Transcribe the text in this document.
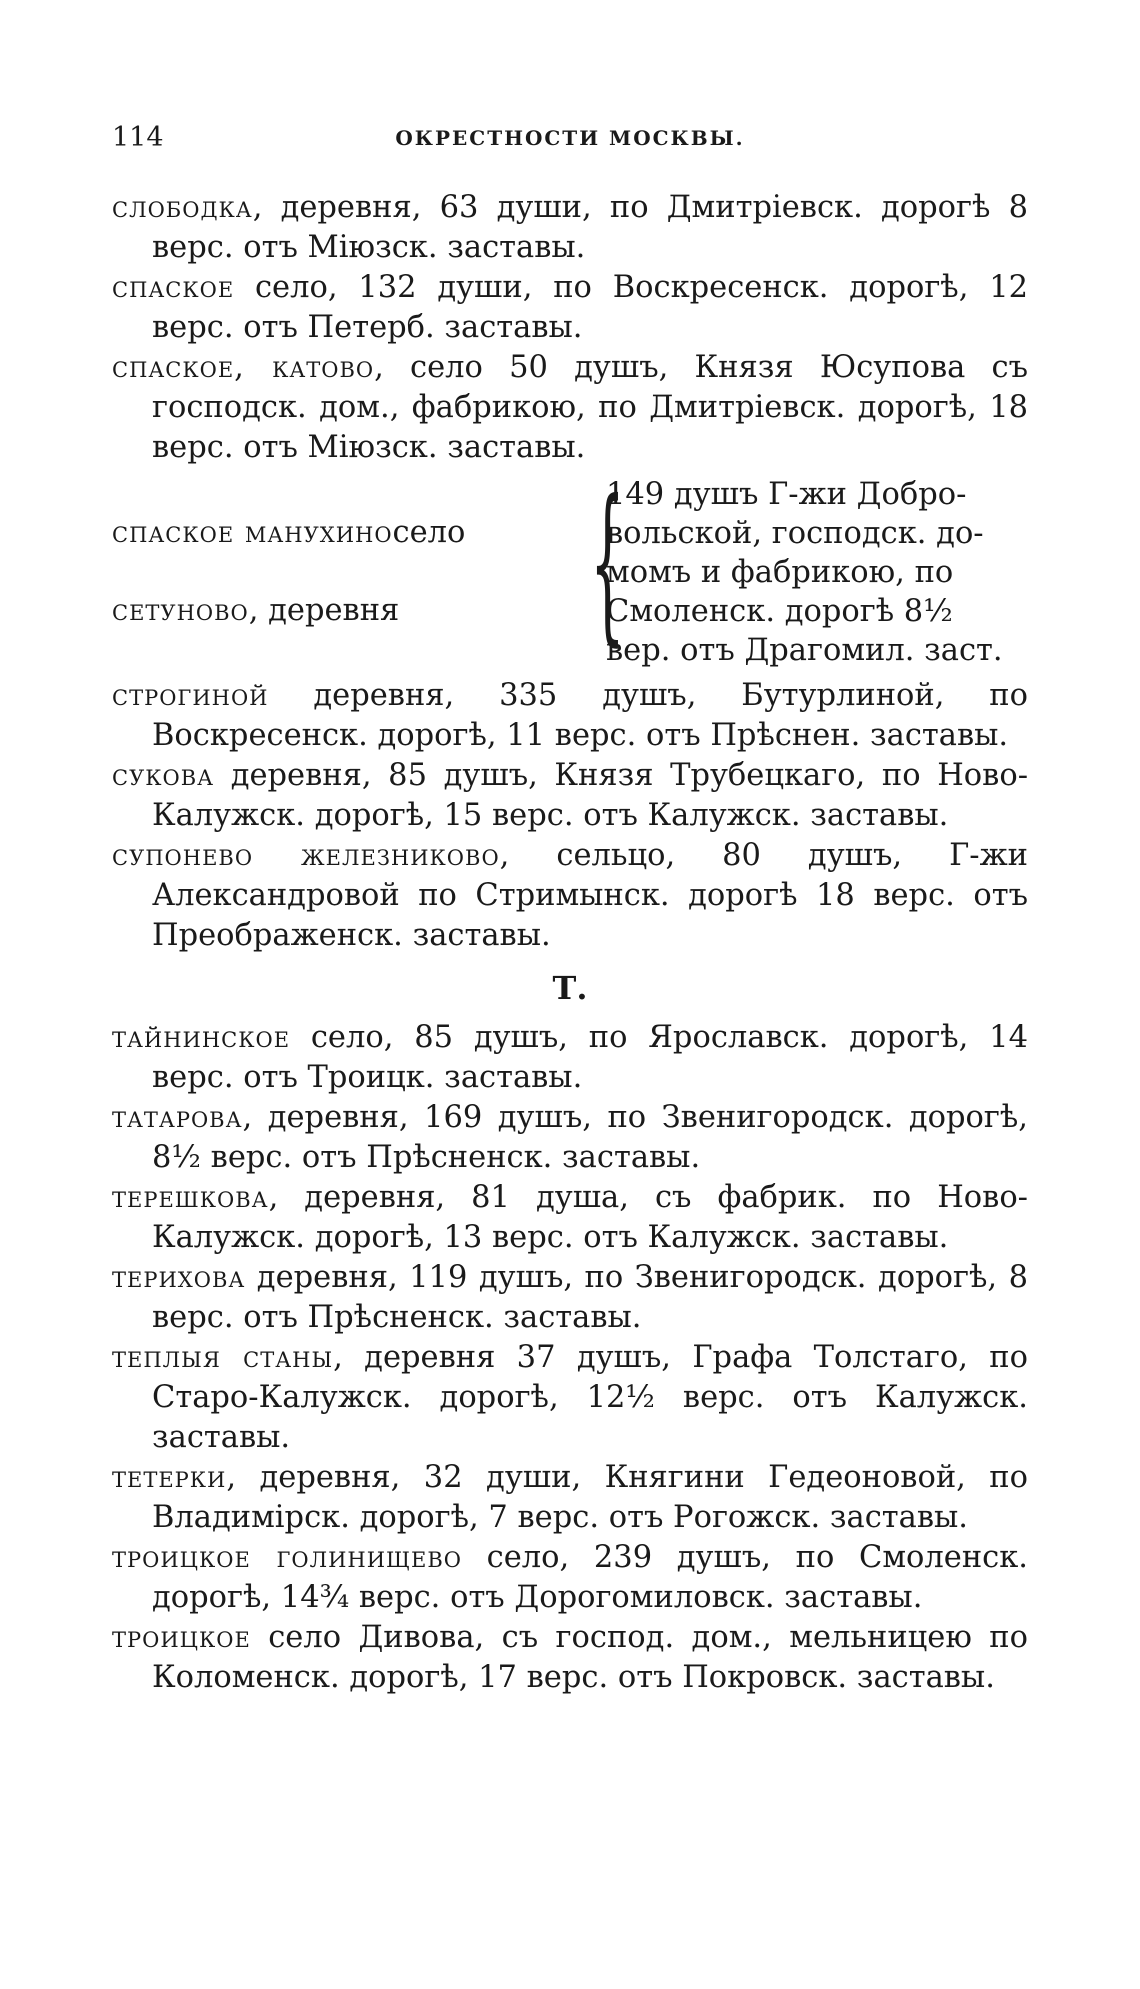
114	ОКРЕСТНОСТИ МОСКВЫ.

слободка, деревня, 63 души, по Дмитріевск. дорогѣ 8 верс. отъ Міюзск. заставы.

спаское село, 132 души, по Воскресенск. дорогѣ, 12 верс. отъ Петерб. заставы.

спаское, катово, село 50 душъ, Князя Юсупова съ господск. дом., фабрикою, по Дмитріевск. дорогѣ, 18 верс. отъ Міюзск. заставы.

спаское манухино село
сетуново , деревня {
149 душъ Г-жи Добро-
вольской, господск. до-
момъ и фабрикою, по
Смоленск. дорогѣ 8½
вер. отъ Драгомил. заст.

строгиной деревня, 335 душъ, Бутурлиной, по Воскресенск. дорогѣ, 11 верс. отъ Прѣснен. заставы.

сукова деревня, 85 душъ, Князя Трубецкаго, по Ново-Калужск. дорогѣ, 15 верс. отъ Калужск. заставы.

супонево железниково, сельцо, 80 душъ, Г-жи Александровой по Стримынск. дорогѣ 18 верс. отъ Преображенск. заставы.

Т.

тайнинское село, 85 душъ, по Ярославск. дорогѣ, 14 верс. отъ Троицк. заставы.

татарова, деревня, 169 душъ, по Звенигородск. дорогѣ, 8½ верс. отъ Прѣсненск. заставы.

терешкова, деревня, 81 душа, съ фабрик. по Ново-Калужск. дорогѣ, 13 верс. отъ Калужск. заставы.

терихова деревня, 119 душъ, по Звенигородск. дорогѣ, 8 верс. отъ Прѣсненск. заставы.

теплыя станы, деревня 37 душъ, Графа Толстаго, по Старо-Калужск. дорогѣ, 12½ верс. отъ Калужск. заставы.

тетерки, деревня, 32 души, Княгини Гедеоновой, по Владимірск. дорогѣ, 7 верс. отъ Рогожск. заставы.

троицкое голинищево село, 239 душъ, по Смоленск. дорогѣ, 14¾ верс. отъ Дорогомиловск. заставы.

троицкое село Дивова, съ господ. дом., мельницею по Коломенск. дорогѣ, 17 верс. отъ Покровск. заставы.
